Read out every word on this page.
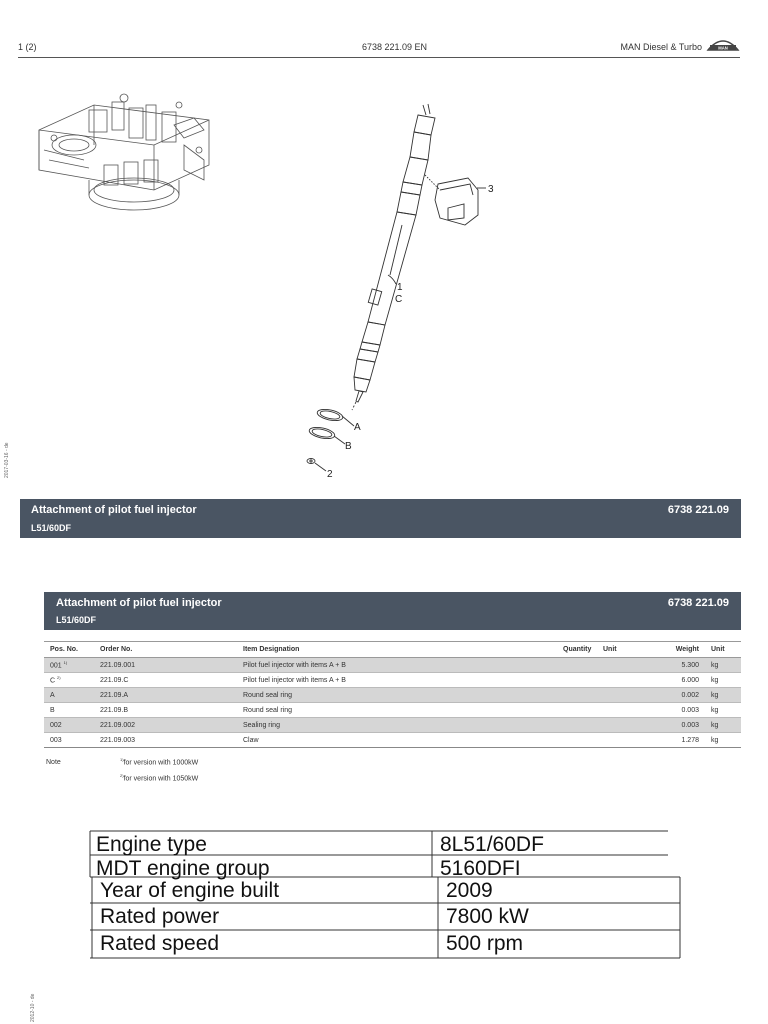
1 (2)	6738 221.09 EN	MAN Diesel & Turbo	MAN
2017-03-16 - de
2012-10 - de
3
1
C
A
B
2
Attachment of pilot fuel injector
L51/60DF
6738 221.09
Attachment of pilot fuel injector
L51/60DF
6738 221.09
Pos. No.	Order No.	Item Designation	Quantity	Unit	Weight	Unit
001 $^{1)}$	221.09.001	Pilot fuel injector with items A + B			5.300	kg
C $^{2)}$	221.09.C	Pilot fuel injector with items A + B			6.000	kg
A	221.09.A	Round seal ring			0.002	kg
B	221.09.B	Round seal ring			0.003	kg
002	221.09.002	Sealing ring			0.003	kg
003	221.09.003	Claw			1.278	kg
Note	$^{1)}$for version with 1000kW
$^{2)}$for version with 1050kW
Engine type	8L51/60DF
MDT engine group	5160DFI
Year of engine built	2009
Rated power	7800 kW
Rated speed	500 rpm
